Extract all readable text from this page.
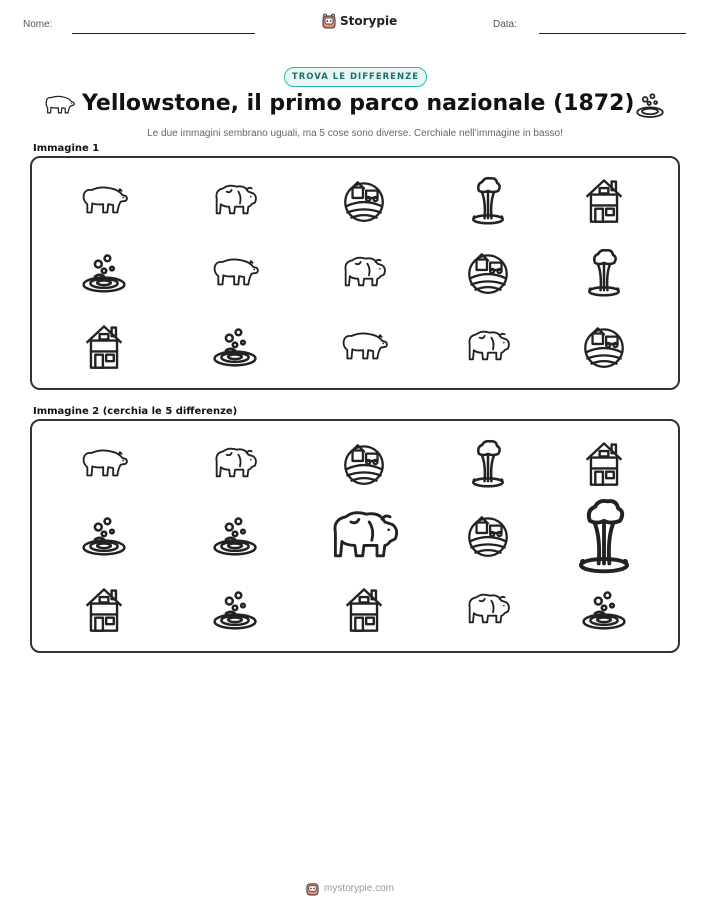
Nome:	Storypie	Data:
TROVA LE DIFFERENZE
Yellowstone, il primo parco nazionale (1872)
Le due immagini sembrano uguali, ma 5 cose sono diverse. Cerchiale nell’immagine in basso!
Immagine 1
Immagine 2 (cerchia le 5 differenze)
mystorypie.com
